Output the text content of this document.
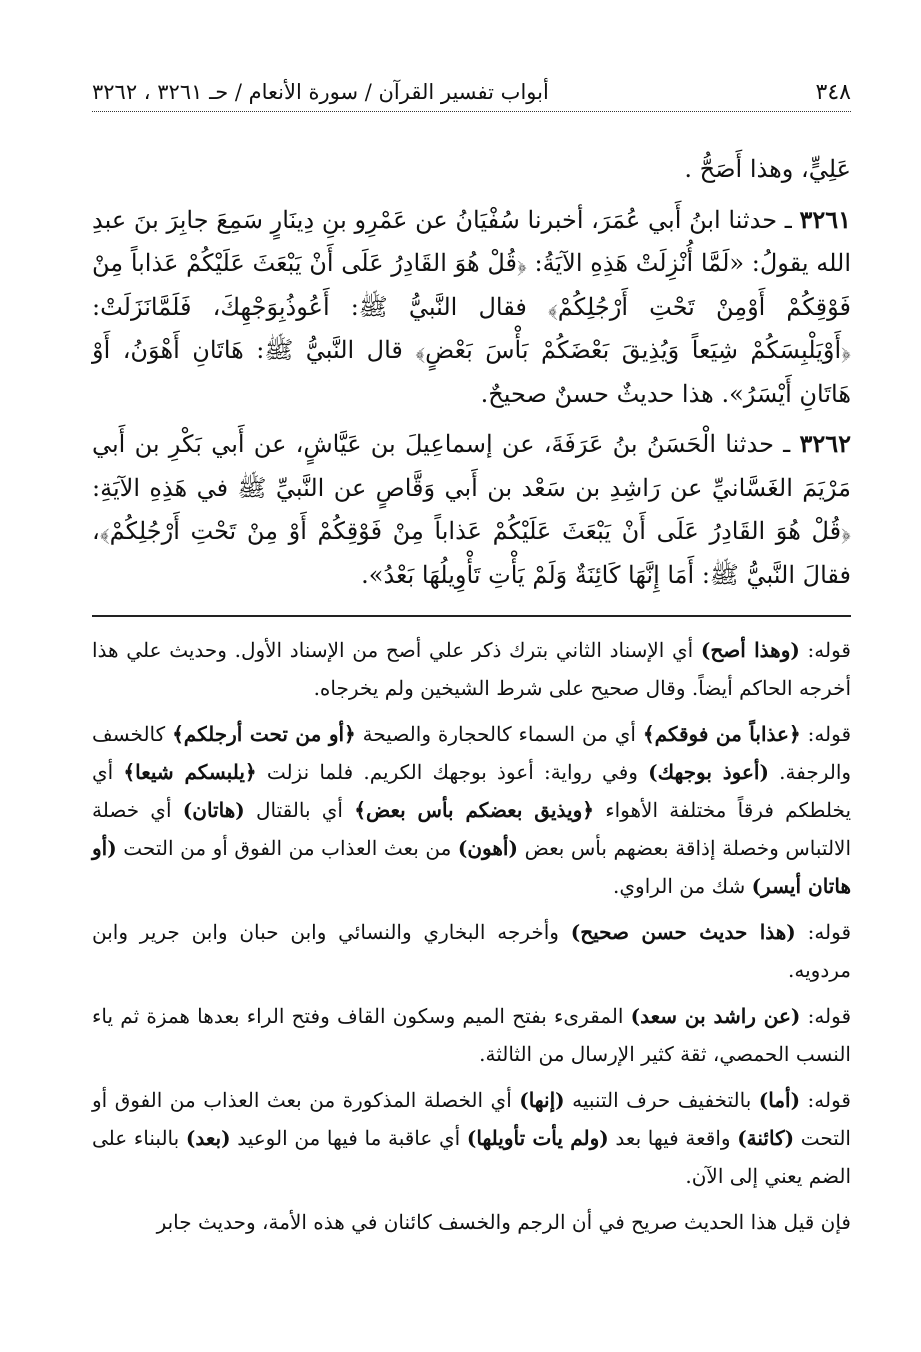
٣٤٨
أبواب تفسير القرآن / سورة الأنعام / حـ ٣٢٦١ ، ٣٢٦٢

عَلِيٍّ، وهذا أَصَحُّ .

٣٢٦١ ـ حدثنا ابنُ أَبي عُمَرَ، أخبرنا سُفْيَانُ عن عَمْرِو بنِ دِينَارٍ سَمِعَ جابِرَ بنَ عبدِ الله يقولُ: «لَمَّا أُنْزِلَتْ هَذِهِ الآيَةُ: ﴿قُلْ هُوَ القَادِرُ عَلَى أَنْ يَبْعَثَ عَلَيْكُمْ عَذاباً مِنْ فَوْقِكُمْ أَوْمِنْ تَحْتِ أَرْجُلِكُمْ﴾ فقال النَّبيُّ ﷺ: أَعُوذُبِوَجْهِكَ، فَلَمَّانَزَلَتْ: ﴿أَوْيَلْبِسَكُمْ شِيَعاً وَيُذِيقَ بَعْضَكُمْ بَأْسَ بَعْضٍ﴾ قال النَّبيُّ ﷺ: هَاتَانِ أَهْوَنُ، أَوْ هَاتَانِ أَيْسَرُ». هذا حديثٌ حسنٌ صحيحٌ.

٣٢٦٢ ـ حدثنا الْحَسَنُ بنُ عَرَفَةَ، عن إسماعِيلَ بن عَيَّاشٍ، عن أَبي بَكْرِ بن أَبي مَرْيَمَ الغَسَّانيِّ عن رَاشِدِ بن سَعْد بن أَبي وَقَّاصٍ عن النَّبيِّ ﷺ في هَذِهِ الآيَةِ: ﴿قُلْ هُوَ القَادِرُ عَلَى أَنْ يَبْعَثَ عَلَيْكُمْ عَذاباً مِنْ فَوْقِكُمْ أَوْ مِنْ تَحْتِ أَرْجُلِكُمْ﴾، فقالَ النَّبيُّ ﷺ: أَمَا إِنَّهَا كَائِنَةٌ وَلَمْ يَأْتِ تَأْوِيلُهَا بَعْدُ».

قوله: (وهذا أصح) أي الإسناد الثاني بترك ذكر علي أصح من الإسناد الأول. وحديث علي هذا أخرجه الحاكم أيضاً. وقال صحيح على شرط الشيخين ولم يخرجاه.

قوله: ﴿عذاباً من فوقكم﴾ أي من السماء كالحجارة والصيحة ﴿أو من تحت أرجلكم﴾ كالخسف والرجفة. (أعوذ بوجهك) وفي رواية: أعوذ بوجهك الكريم. فلما نزلت ﴿يلبسكم شيعا﴾ أي يخلطكم فرقاً مختلفة الأهواء ﴿ويذيق بعضكم بأس بعض﴾ أي بالقتال (هاتان) أي خصلة الالتباس وخصلة إذاقة بعضهم بأس بعض (أهون) من بعث العذاب من الفوق أو من التحت (أو هاتان أيسر) شك من الراوي.

قوله: (هذا حديث حسن صحيح) وأخرجه البخاري والنسائي وابن حبان وابن جرير وابن مردويه.

قوله: (عن راشد بن سعد) المقرىء بفتح الميم وسكون القاف وفتح الراء بعدها همزة ثم ياء النسب الحمصي، ثقة كثير الإرسال من الثالثة.

قوله: (أما) بالتخفيف حرف التنبيه (إنها) أي الخصلة المذكورة من بعث العذاب من الفوق أو التحت (كائنة) واقعة فيها بعد (ولم يأت تأويلها) أي عاقبة ما فيها من الوعيد (بعد) بالبناء على الضم يعني إلى الآن.

فإن قيل هذا الحديث صريح في أن الرجم والخسف كائنان في هذه الأمة، وحديث جابر
